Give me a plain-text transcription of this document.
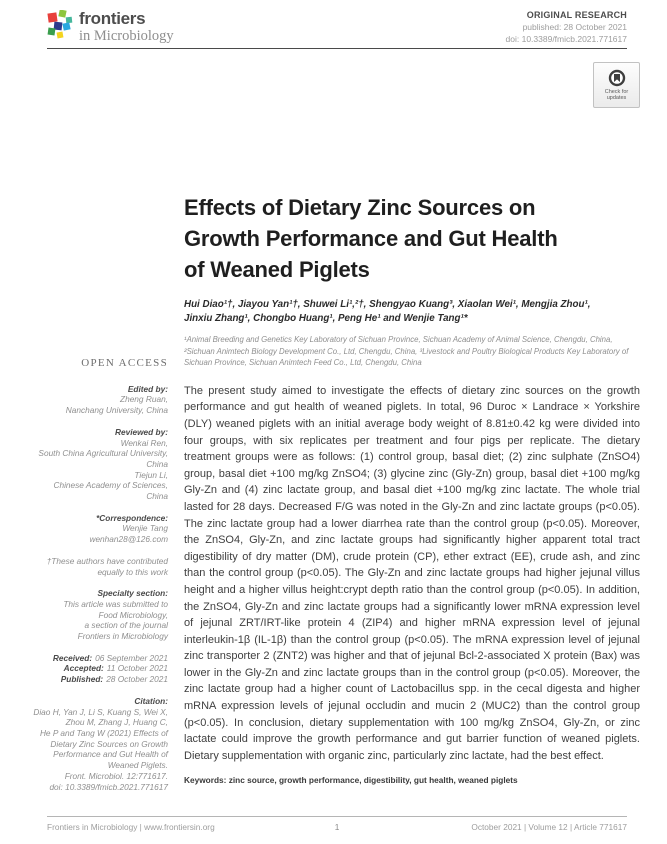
frontiers
in Microbiology
ORIGINAL RESEARCH
published: 28 October 2021
doi: 10.3389/fmicb.2021.771617
Check for
updates
OPEN ACCESS
Edited by:
Zheng Ruan,
Nanchang University, China
Reviewed by:
Wenkai Ren,
South China Agricultural University,
China
Tiejun Li,
Chinese Academy of Sciences,
China
*Correspondence:
Wenjie Tang
wenhan28@126.com
†These authors have contributed
equally to this work
Specialty section:
This article was submitted to
Food Microbiology,
a section of the journal
Frontiers in Microbiology
Received: 06 September 2021
Accepted: 11 October 2021
Published: 28 October 2021
Citation:
Diao H, Yan J, Li S, Kuang S, Wei X,
Zhou M, Zhang J, Huang C,
He P and Tang W (2021) Effects of
Dietary Zinc Sources on Growth
Performance and Gut Health of
Weaned Piglets.
Front. Microbiol. 12:771617.
doi: 10.3389/fmicb.2021.771617
Effects of Dietary Zinc Sources on
Growth Performance and Gut Health
of Weaned Piglets
Hui Diao¹†, Jiayou Yan¹†, Shuwei Li¹,²†, Shengyao Kuang³, Xiaolan Wei¹, Mengjia Zhou¹,
Jinxiu Zhang¹, Chongbo Huang¹, Peng He¹ and Wenjie Tang¹*

¹Animal Breeding and Genetics Key Laboratory of Sichuan Province, Sichuan Academy of Animal Science, Chengdu, China, ²Sichuan Animtech Biology Development Co., Ltd, Chengdu, China, ³Livestock and Poultry Biological Products Key Laboratory of Sichuan Province, Sichuan Animtech Feed Co., Ltd, Chengdu, China

The present study aimed to investigate the effects of dietary zinc sources on the growth performance and gut health of weaned piglets. In total, 96 Duroc × Landrace × Yorkshire (DLY) weaned piglets with an initial average body weight of 8.81±0.42 kg were divided into four groups, with six replicates per treatment and four pigs per replicate. The dietary treatment groups were as follows: (1) control group, basal diet; (2) zinc sulphate (ZnSO4) group, basal diet +100 mg/kg ZnSO4; (3) glycine zinc (Gly-Zn) group, basal diet +100 mg/kg Gly-Zn and (4) zinc lactate group, and basal diet +100 mg/kg zinc lactate. The whole trial lasted for 28 days. Decreased F/G was noted in the Gly-Zn and zinc lactate groups (p<0.05). The zinc lactate group had a lower diarrhea rate than the control group (p<0.05). Moreover, the ZnSO4, Gly-Zn, and zinc lactate groups had significantly higher apparent total tract digestibility of dry matter (DM), crude protein (CP), ether extract (EE), crude ash, and zinc than the control group (p<0.05). The Gly-Zn and zinc lactate groups had higher jejunal villus height and a higher villus height:crypt depth ratio than the control group (p<0.05). In addition, the ZnSO4, Gly-Zn and zinc lactate groups had a significantly lower mRNA expression level of jejunal ZRT/IRT-like protein 4 (ZIP4) and higher mRNA expression level of jejunal interleukin-1β (IL-1β) than the control group (p<0.05). The mRNA expression level of jejunal zinc transporter 2 (ZNT2) was higher and that of jejunal Bcl-2-associated X protein (Bax) was lower in the Gly-Zn and zinc lactate groups than in the control group (p<0.05). Moreover, the zinc lactate group had a higher count of Lactobacillus spp. in the cecal digesta and higher mRNA expression levels of jejunal occludin and mucin 2 (MUC2) than the control group (p<0.05). In conclusion, dietary supplementation with 100 mg/kg ZnSO4, Gly-Zn, or zinc lactate could improve the growth performance and gut barrier function of weaned piglets. Dietary supplementation with organic zinc, particularly zinc lactate, had the best effect.

Keywords: zinc source, growth performance, digestibility, gut health, weaned piglets

Frontiers in Microbiology | www.frontiersin.org	1	October 2021 | Volume 12 | Article 771617
